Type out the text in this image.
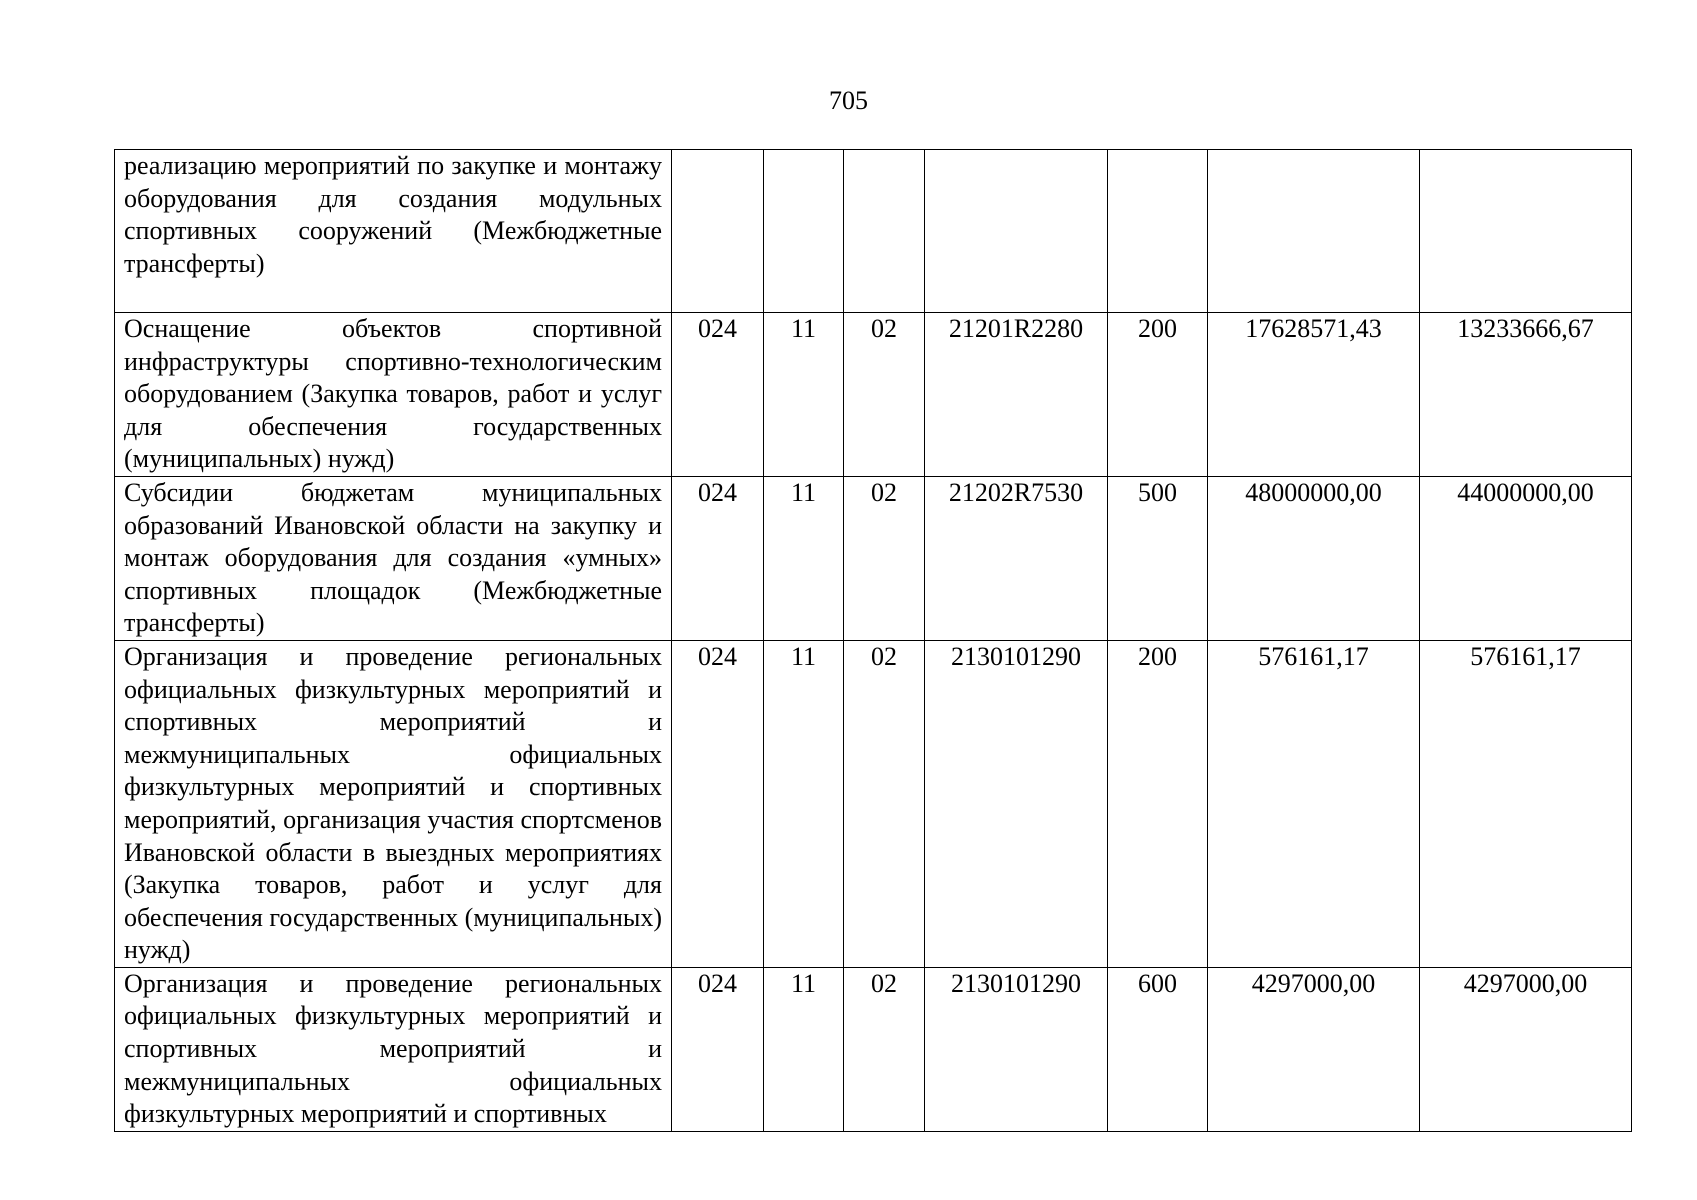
705
реализацию мероприятий по закупке и монтажу оборудования для создания модульных спортивных сооружений (Межбюджетные трансферты)							
Оснащение объектов спортивной инфраструктуры спортивно-технологическим оборудованием (Закупка товаров, работ и услуг для обеспечения государственных (муниципальных) нужд)	024	11	02	21201R2280	200	17628571,43	13233666,67
Субсидии бюджетам муниципальных образований Ивановской области на закупку и монтаж оборудования для создания «умных» спортивных площадок (Межбюджетные трансферты)	024	11	02	21202R7530	500	48000000,00	44000000,00
Организация и проведение региональных официальных физкультурных мероприятий и спортивных мероприятий и межмуниципальных официальных физкультурных мероприятий и спортивных мероприятий, организация участия спортсменов Ивановской области в выездных мероприятиях (Закупка товаров, работ и услуг для обеспечения государственных (муниципальных) нужд)	024	11	02	2130101290	200	576161,17	576161,17
Организация и проведение региональных официальных физкультурных мероприятий и спортивных мероприятий и межмуниципальных официальных физкультурных мероприятий и спортивных	024	11	02	2130101290	600	4297000,00	4297000,00
